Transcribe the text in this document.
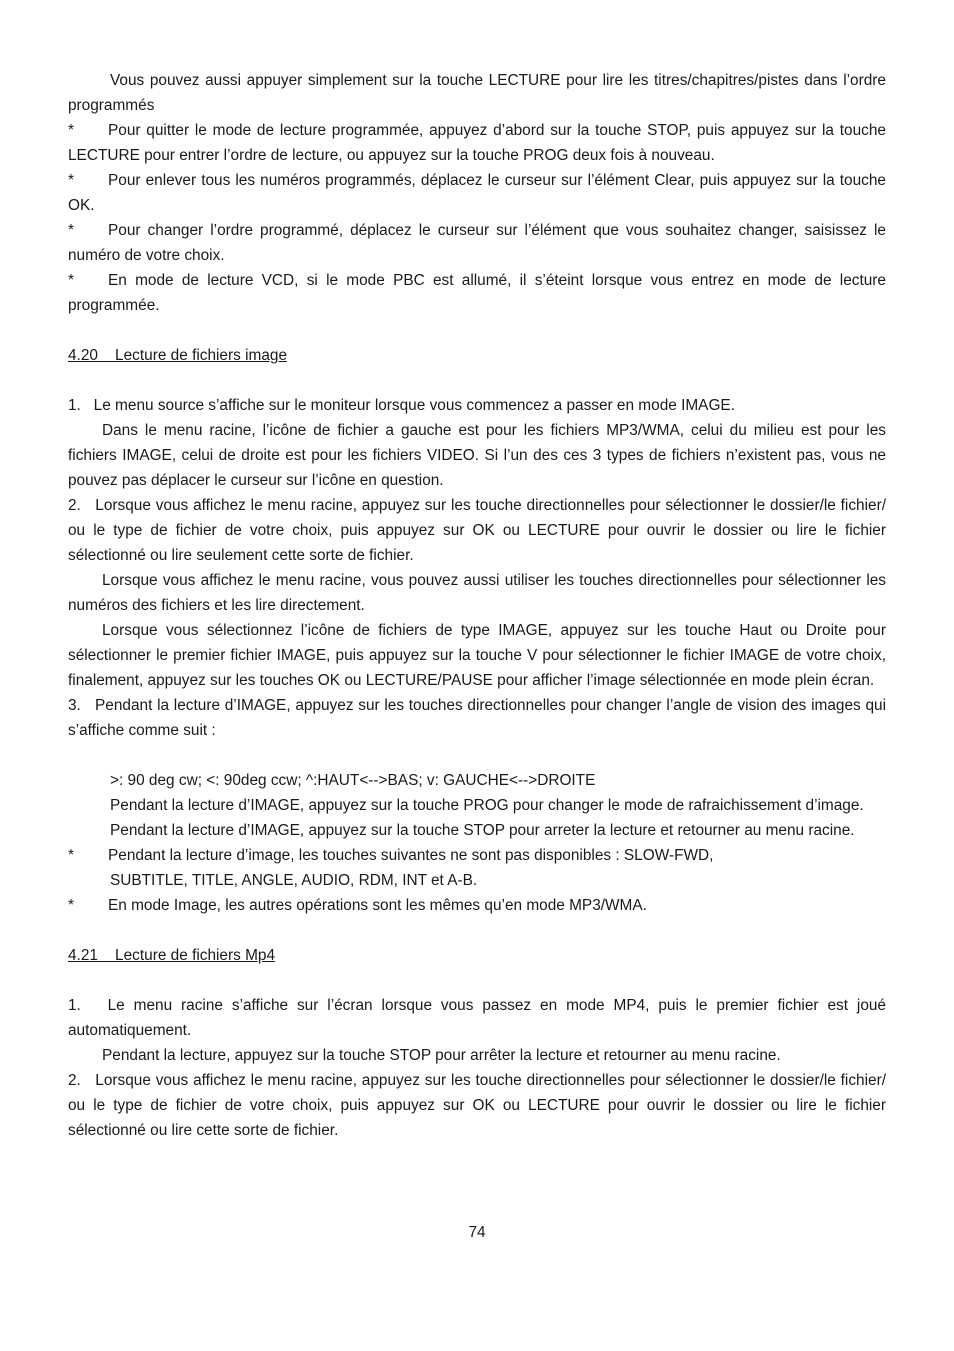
Vous pouvez aussi appuyer simplement sur la touche LECTURE pour lire les titres/chapitres/pistes dans l’ordre programmés
*	Pour quitter le mode de lecture programmée, appuyez d’abord sur la touche STOP, puis appuyez sur la touche LECTURE pour entrer l’ordre de lecture, ou appuyez sur la touche PROG deux fois à nouveau.
*	Pour enlever tous les numéros programmés, déplacez le curseur sur l’élément Clear, puis appuyez sur la touche OK.
*	Pour changer l’ordre programmé, déplacez le curseur sur l’élément que vous souhaitez changer, saisissez le numéro de votre choix.
*	En mode de lecture VCD, si le mode PBC est allumé, il s’éteint lorsque vous entrez en mode de lecture programmée.
4.20    Lecture de fichiers image
1.   Le menu source s’affiche sur le moniteur lorsque vous commencez a passer en mode IMAGE.
Dans le menu racine, l’icône de fichier a gauche est pour les fichiers MP3/WMA, celui du milieu est pour les fichiers IMAGE, celui de droite est pour les fichiers VIDEO. Si l’un des ces 3 types de fichiers n’existent pas, vous ne pouvez pas déplacer le curseur sur l’icône en question.
2.   Lorsque vous affichez le menu racine, appuyez sur les touche directionnelles pour sélectionner le dossier/le fichier/ ou le type de fichier de votre choix, puis appuyez sur OK ou LECTURE pour ouvrir le dossier ou lire le fichier sélectionné ou lire seulement cette sorte de fichier.
Lorsque vous affichez le menu racine, vous pouvez aussi utiliser les touches directionnelles pour sélectionner les numéros des fichiers et les lire directement.
Lorsque vous sélectionnez l’icône de fichiers de type IMAGE, appuyez sur les touche Haut ou Droite pour sélectionner le premier fichier IMAGE, puis appuyez sur la touche V pour sélectionner le fichier IMAGE de votre choix, finalement, appuyez sur les touches OK ou LECTURE/PAUSE pour afficher l’image sélectionnée en mode plein écran.
3.   Pendant la lecture d’IMAGE, appuyez sur les touches directionnelles pour changer l’angle de vision des images qui s’affiche comme suit :
>: 90 deg cw; <: 90deg ccw; ^:HAUT<-->BAS; v: GAUCHE<-->DROITE
Pendant la lecture d’IMAGE, appuyez sur la touche PROG pour changer le mode de rafraichissement d’image.
Pendant la lecture d’IMAGE, appuyez sur la touche STOP pour arreter la lecture et retourner au menu racine.
*	Pendant la lecture d’image, les touches suivantes ne sont pas disponibles : SLOW-FWD,
SUBTITLE, TITLE, ANGLE, AUDIO, RDM, INT et A-B.
*	En mode Image, les autres opérations sont les mêmes qu’en mode MP3/WMA.
4.21    Lecture de fichiers Mp4
1.   Le menu racine s’affiche sur l’écran lorsque vous passez en mode MP4, puis le premier fichier est joué automatiquement.
Pendant la lecture, appuyez sur la touche STOP pour arrêter la lecture et retourner au menu racine.
2.   Lorsque vous affichez le menu racine, appuyez sur les touche directionnelles pour sélectionner le dossier/le fichier/ ou le type de fichier de votre choix, puis appuyez sur OK ou LECTURE pour ouvrir le dossier ou lire le fichier sélectionné ou lire cette sorte de fichier.
74
